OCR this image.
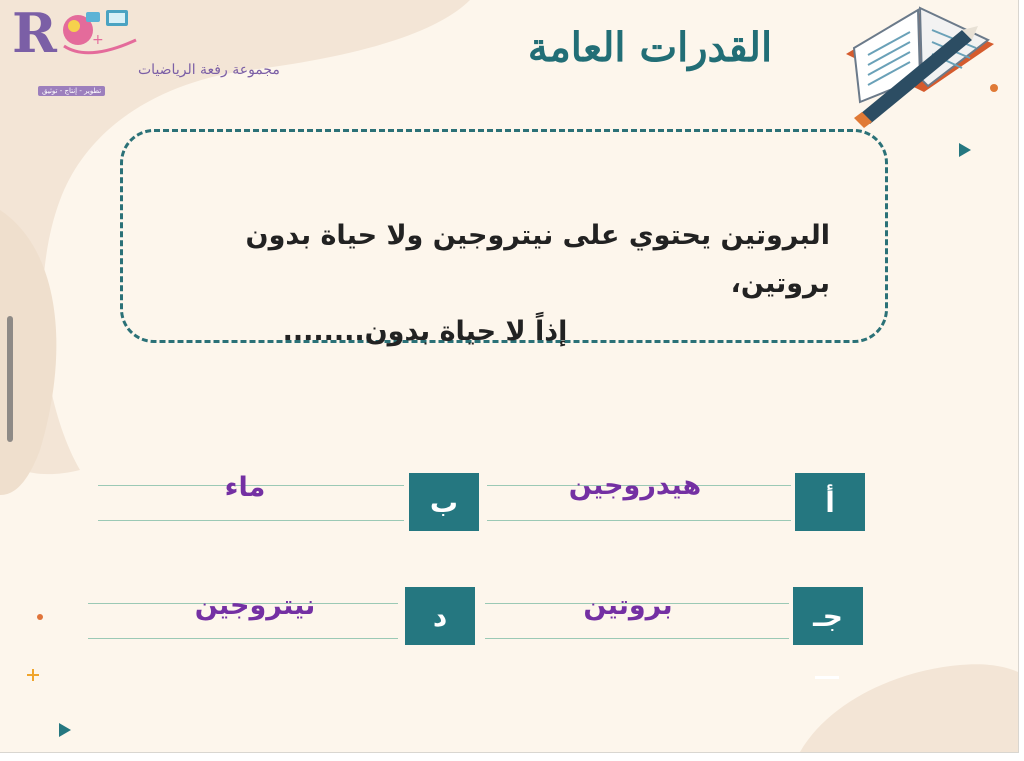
R	+
مجموعة رفعة الرياضيات
تطوير - إنتاج - توثيق
القدرات العامة
البروتين يحتوي على نيتروجين ولا حياة بدون بروتين،
إذاً لا حياة بدون........
أ
هيدروجين
ب
ماء
جـ
بروتين
د
نيتروجين
